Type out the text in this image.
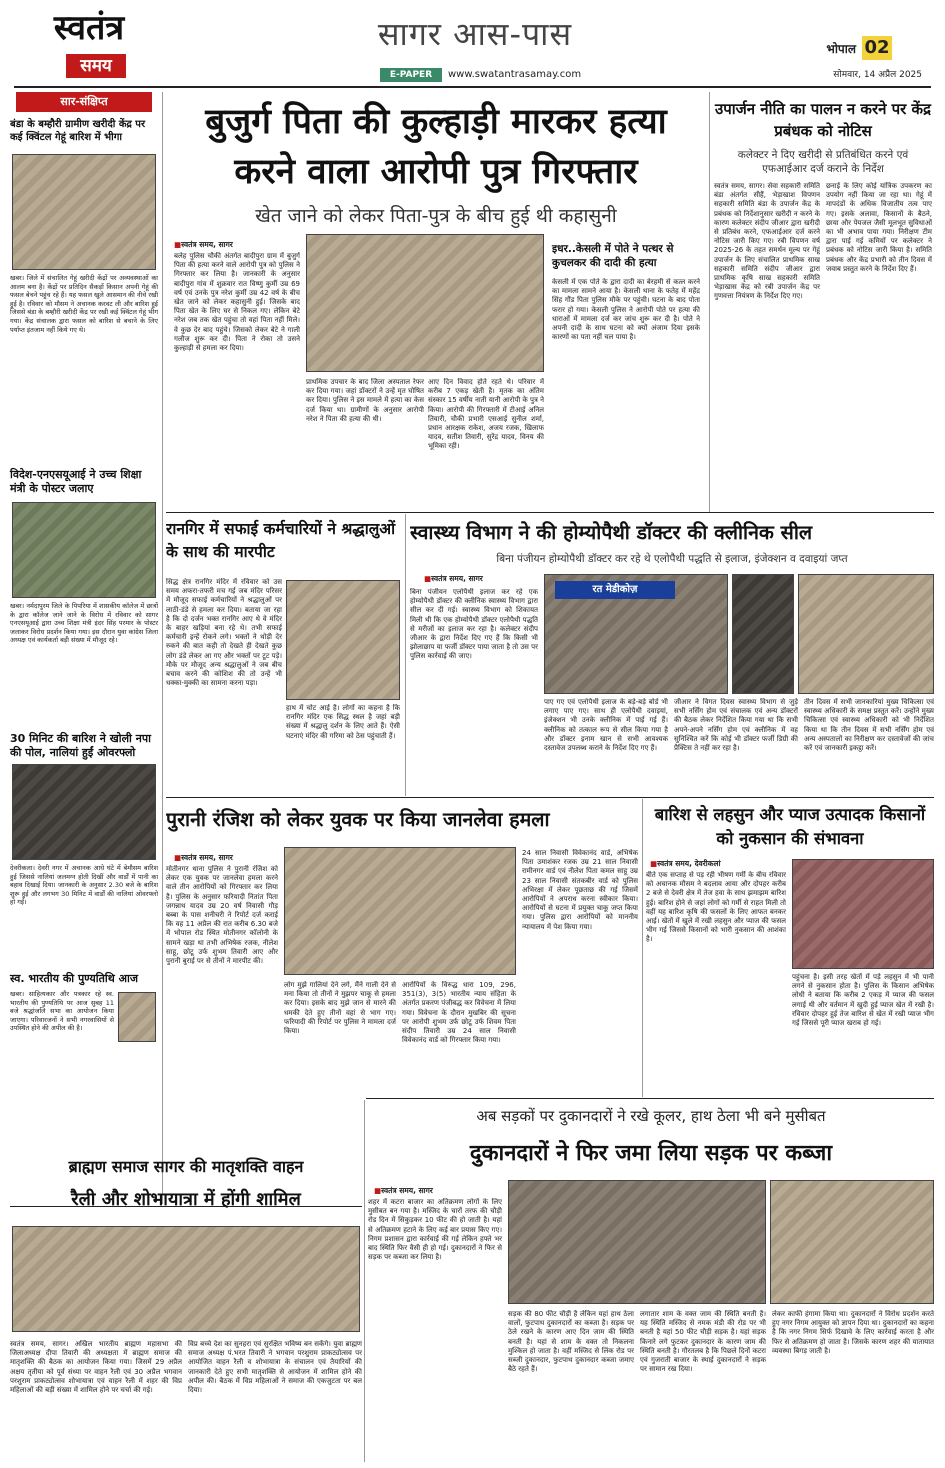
स्वतंत्र
समय
सागर आस-पास
E-PAPER	www.swatantrasamay.com
भोपाल 02
सोमवार, 14 अप्रैल 2025
सार-संक्षिप्त
बंडा के बम्हौरी ग्रामीण खरीदी केंद्र पर कई क्विंटल गेहूं बारिश में भीगा
खबर। जिले में संचालित गेहूं खरीदी केंद्रों पर अव्यवस्थाओं का आलम बना है। केंद्रों पर प्रतिदिन सैकड़ों किसान अपनी गेहूं की फसल बेचने पहुंच रहे हैं। यह फसल खुले आसमान की नीचे रखी हुई है। रविवार को मौसम ने अचानक करवट ली और बारिश हुई जिससे बंडा के बम्हौरी खरीदी केंद्र पर रखी कई क्विंटल गेहूं भीग गया। केंद्र संचालक द्वारा फसल को बारिश से बचाने के लिए पर्याप्त इंतजाम नहीं किये गए थे।
विदेश-एनएसयूआई ने उच्च शिक्षा मंत्री के पोस्टर जलाए
खबर। नर्मदापुरम जिले के पिपरिया में शासकीय कॉलेज में छात्रों के द्वारा कॉलेज जाने जाने के विरोध में रविवार को सागर एनएसयूआई द्वारा उच्च शिक्षा मंत्री इंदर सिंह परमार के पोस्टर जलाकर विरोध प्रदर्शन किया गया। इस दौरान युवा कांग्रेस जिला अध्यक्ष एवं कार्यकर्ता बड़ी संख्या में मौजूद रहे।
30 मिनिट की बारिश ने खोली नपा की पोल, नालियां हुईं ओवरफ्लो
देवरीकला। देवरी नगर में अचानक आधे घंटे में बेमौसम बारिश हुई जिससे नालियां जलमग्न होती दिखीं और वार्डों में पानी का बहाव दिखाई दिया। जानकारी के अनुसार 2.30 बजे के बारिश शुरू हुई और लगभग 30 मिनिट में वार्डों की नालियां ओवरफ्लो हो गईं।
स्व. भारतीय की पुण्यतिथि आज
खबर। साहित्यकार और पत्रकार रहे स्व. भारतीय की पुण्यतिथि पर आज सुबह 11 बजे श्रद्धांजलि सभा का आयोजन किया जाएगा। परिवारजनों ने सभी नगरवासियों से उपस्थित होने की अपील की है।
बुजुर्ग पिता की कुल्हाड़ी मारकर हत्या
करने वाला आरोपी पुत्र गिरफ्तार
खेत जाने को लेकर पिता-पुत्र के बीच हुई थी कहासुनी
■ स्वतंत्र समय, सागर
बलेह पुलिस चौकी अंतर्गत बादीपुरा ग्राम में बुजुर्ग पिता की हत्या करने वाले आरोपी पुत्र को पुलिस ने गिरफ्तार कर लिया है। जानकारी के अनुसार बादीपुरा गांव में शुक्रवार रात विष्णु कुर्मी उम्र 69 वर्ष एवं उनके पुत्र नरेश कुर्मी उम्र 42 वर्ष के बीच खेत जाने को लेकर कहासुनी हुई। जिसके बाद पिता खेत के लिए घर से निकल गए। लेकिन बेटे नरेश जब तक खेत पहुंचा तो वहां पिता नहीं मिले। वे कुछ देर बाद पहुंचे। जिसको लेकर बेटे ने गाली गलौज शुरू कर दी। पिता ने रोका तो उसने कुल्हाड़ी से हमला कर दिया।
प्राथमिक उपचार के बाद जिला अस्पताल रेफर कर दिया गया। जहां डॉक्टरों ने उन्हें मृत घोषित कर दिया। पुलिस ने इस मामले में हत्या का केस दर्ज किया था। ग्रामीणों के अनुसार आरोपी नरेश ने पिता की हत्या की थी।
आए दिन विवाद होते रहते थे। परिवार में करीब 7 एकड़ खेती है। मृतक का अंतिम संस्कार 15 वर्षीय नाती यानी आरोपी के पुत्र ने किया। आरोपी की गिरफ्तारी में टीआई अनिल तिवारी, चौकी प्रभारी एसआई सुनील शर्मा, प्रधान आरक्षक राकेश, अजय रजक, खिलाफ यादव, सतीश तिवारी, सुरेंद्र यादव, विनय की भूमिका रही।
इधर..केसली में पोते ने पत्थर से कुचलकर की दादी की हत्या
केसली में एक पोते के द्वारा दादी का बेरहमी से कत्ल करने का मामला सामने आया है। केसली थाना के फतेह में महेंद्र सिंह गौंड पिता पुलिस मौके पर पहुंची। घटना के बाद पोता फरार हो गया। केसली पुलिस ने आरोपी पोते पर हत्या की धाराओं में मामला दर्ज कर जांच शुरू कर दी है। पोते ने अपनी दादी के साथ घटना को क्यों अंजाम दिया इसके कारणों का पता नहीं चल पाया है।
उपार्जन नीति का पालन न करने पर केंद्र प्रबंधक को नोटिस
कलेक्टर ने दिए खरीदी से प्रतिबंधित करने एवं एफआईआर दर्ज कराने के निर्देश
स्वतंत्र समय, सागर। सेवा सहकारी समिति बंडा अंतर्गत सीहैं, भेड़ाखाश विपणन सहकारी समिति बंडा के उपार्जन केंद्र के प्रबंधक को निर्देशानुसार खरीदी न करने के कारण कलेक्टर संदीप जीआर द्वारा खरीदी से प्रतिबंध करने, एफआईआर दर्ज करने नोटिस जारी किए गए। रबी विपणन वर्ष 2025-26 के तहत समर्थन मूल्य पर गेहूं उपार्जन के लिए संचालित प्राथमिक साख सहकारी समिति संदीप जीआर द्वारा प्राथमिक कृषि साख सहकारी समिति भेड़ाखास केंद्र को रबी उपार्जन केंद्र पर गुणवत्ता नियंत्रण के निर्देश दिए गए।
छनाई के लिए कोई यांत्रिक उपकरण का उपयोग नहीं किया जा रहा था। गेहूं में मापदंडों के अधिक विजातीय तत्व पाए गए। इसके अलावा, किसानों के बैठने, छाया और पेयजल जैसी मूलभूत सुविधाओं का भी अभाव पाया गया। निरीक्षण टीम द्वारा पाई गई कमियों पर कलेक्टर ने प्रबंधक को नोटिस जारी किया है। समिति प्रबंधक और केंद्र प्रभारी को तीन दिवस में जवाब प्रस्तुत करने के निर्देश दिए हैं।
रानगिर में सफाई कर्मचारियों ने श्रद्धालुओं के साथ की मारपीट
सिद्ध क्षेत्र रानगिर मंदिर में रविवार को उस समय अफरा-तफरी मच गई जब मंदिर परिसर में मौजूद सफाई कर्मचारियों ने श्रद्धालुओं पर लाठी-डंडे से हमला कर दिया। बताया जा रहा है कि दो दर्जन भक्त रानगिर आए थे वे मंदिर के बाहर खड़ियां बना रहे थे। तभी सफाई कर्मचारी इन्हें रोकने लगे। भक्तों ने थोड़ी देर रुकने की बात कही तो देखते ही देखते कुछ लोग डंडे लेकर आ गए और भक्तों पर टूट पड़े। मौके पर मौजूद अन्य श्रद्धालुओं ने जब बीच बचाव करने की कोशिश की तो उन्हें भी धक्का-मुक्की का सामना करना पड़ा।
हाथ में चोट आई है। लोगों का कहना है कि रानगिर मंदिर एक सिद्ध स्थल है जहां बड़ी संख्या में श्रद्धालु दर्शन के लिए आते हैं। ऐसी घटनाएं मंदिर की गरिमा को ठेस पहुंचाती हैं।
स्वास्थ्य विभाग ने की होम्योपैथी डॉक्टर की क्लीनिक सील
बिना पंजीयन होम्योपैथी डॉक्टर कर रहे थे एलोपैथी पद्धति से इलाज, इंजेक्शन व दवाइयां जप्त
■ स्वतंत्र समय, सागर
बिना पंजीयन एलोपैथी इलाज कर रहे एक होम्योपैथी डॉक्टर की क्लीनिक स्वास्थ्य विभाग द्वारा सील कर दी गई। स्वास्थ्य विभाग को शिकायत मिली थी कि एक होम्योपैथी डॉक्टर एलोपैथी पद्धति से मरीजों का इलाज कर रहा है। कलेक्टर संदीप जीआर के द्वारा निर्देश दिए गए हैं कि किसी भी झोलाछाप या फर्जी डॉक्टर पाया जाता है तो उस पर पुलिस कार्रवाई की जाए।
रत मेडीकोज़
पाए गए एवं एलोपैथी इलाज के बड़े-बड़े बोर्ड भी लगाए पाए गए। साथ ही एलोपैथी दवाइयां, इंजेक्शन भी उनके क्लीनिक में पाई गई हैं। क्लीनिक को तत्काल रूप से सील किया गया है और डॉक्टर इनाम खान से सभी आवश्यक दस्तावेज उपलब्ध कराने के निर्देश दिए गए हैं।
जीआर ने विगत दिवस स्वास्थ्य विभाग से जुड़े सभी नर्सिंग होम एवं संचालक एवं अन्य डॉक्टरों की बैठक लेकर निर्देशित किया गया था कि सभी अपने-अपने नर्सिंग होम एवं क्लीनिक में वह सुनिश्चित करें कि कोई भी डॉक्टर फर्जी डिग्री की प्रैक्टिस ते नहीं कर रहा है।
तीन दिवस में सभी जानकारियां मुख्य चिकित्सा एवं स्वास्थ्य अधिकारी के समक्ष प्रस्तुत करें। उन्होंने मुख्य चिकित्सा एवं स्वास्थ्य अधिकारी को भी निर्देशित किया था कि तीन दिवस में सभी नर्सिंग होम एवं अन्य अस्पतालों का निरीक्षण कर दस्तावेजों की जांच करें एवं जानकारी इकट्ठा करें।
पुरानी रंजिश को लेकर युवक पर किया जानलेवा हमला
■ स्वतंत्र समय, सागर
मोतीनगर थाना पुलिस ने पुरानी रंजिश को लेकर एक युवक पर जानलेवा हमला करने वाले तीन आरोपियों को गिरफ्तार कर लिया है। पुलिस के अनुसार फरियादी नितांत पिता जगन्नाथ यादव उम्र 20 वर्ष निवासी गौड़ बब्बा के पास शनीचरी ने रिपोर्ट दर्ज कराई कि वह 11 अप्रैल की रात करीब 6.30 बजे में भोपाल रोड स्थित मोतीनगर कॉलोनी के सामने खड़ा था तभी अभिषेक रजक, नीलेश साहू, छोटू उर्फ शुभम तिवारी आए और पुरानी बुराई पर से तीनों ने मारपीट की।
लोग मुझे गालियां देने लगे, मैंने गाली देने से मना किया तो तीनों ने मुझपर चाकू से हमला कर दिया। इसके बाद मुझे जान से मारने की धमकी देते हुए तीनों वहां से भाग गए। फरियादी की रिपोर्ट पर पुलिस ने मामला दर्ज किया।
आरोपियों के विरुद्ध धारा 109, 296, 351(3), 3(5) भारतीय न्याय संहिता के अंतर्गत प्रकरण पंजीबद्ध कर विवेचना में लिया गया। विवेचना के दौरान मुखबिर की सूचना पर आरोपी शुभम उर्फ छोटू उर्फ शिवम पिता संदीप तिवारी उम्र 24 साल निवासी विवेकानंद वार्ड को गिरफ्तार किया गया।
24 साल निवासी विवेकानंद वार्ड, अभिषेक पिता उमाशंकर रजक उम्र 21 साल निवासी रामीनगर वार्ड एवं नीलेश पिता कमल साहू उम्र 23 साल निवासी संतकबीर वार्ड को पुलिस अभिरक्षा में लेकर पूछताछ की गई जिसमें आरोपियों ने अपराध करना स्वीकार किया। आरोपियों से घटना में प्रयुक्त चाकू जप्त किया गया। पुलिस द्वारा आरोपियों को माननीय न्यायालय में पेश किया गया।
बारिश से लहसुन और प्याज उत्पादक किसानों को नुकसान की संभावना
■ स्वतंत्र समय, देवरीकलां
बीते एक सप्ताह से पड़ रही भीषण गर्मी के बीच रविवार को अचानक मौसम ने बदलाव आया और दोपहर करीब 2 बजे से देवरी क्षेत्र में तेज हवा के साथ झमाझम बारिश हुई। बारिश होने से जहां लोगों को गर्मी से राहत मिली तो वहीं यह बारिश कृषि की फसलों के लिए आफत बनकर आई। खेतों में खुले में रखी लहसुन और प्याज की फसल भीग गई जिससे किसानों को भारी नुकसान की आशंका है।
पहुंचना है। इसी तरह खेतों में पड़े लहसुन में भी पानी लगने से नुकसान होता है। पुलिस के किसान अभिषेक लोधी ने बताया कि करीब 2 एकड़ में प्याज की फसल लगाई थी और वर्तमान में खुदी हुई प्याज खेत में रखी है। रविवार दोपहर हुई तेज बारिश से खेत में रखी प्याज भीग गई जिससे पूरी प्याज खराब हो गई।
ब्राह्मण समाज सागर की मातृशक्ति वाहन
रैली और शोभायात्रा में होंगी शामिल
स्वतंत्र समय, सागर। अखिल भारतीय ब्राह्मण महासभा की जिलाअध्यक्ष दीपा तिवारी की अध्यक्षता में ब्राह्मण समाज की मातृशक्ति की बैठक का आयोजन किया गया। जिसमें 29 अप्रैल अक्षय तृतीया को पूर्व संध्या पर वाहन रैली एवं 30 अप्रैल भगवान परशुराम प्राकट्योत्सव शोभायात्रा एवं वाहन रैली में शहर की विप्र महिलाओं की बड़ी संख्या में शामिल होने पर चर्चा की गई।
विप्र बच्चे देश का सुनहरा एवं सुरक्षित भविष्य बन सकेंगे। युवा ब्राह्मण समाज अध्यक्ष पं.भरत तिवारी ने भगवान परशुराम प्राकट्योत्सव पर आयोजित वाहन रैली व शोभायात्रा के संचालन एवं तैयारियों की जानकारी देते हुए सभी मातृशक्ति से आयोजन में शामिल होने की अपील की। बैठक में विप्र महिलाओं ने समाज की एकजुटता पर बल दिया।
अब सड़कों पर दुकानदारों ने रखे कूलर, हाथ ठेला भी बने मुसीबत
दुकानदारों ने फिर जमा लिया सड़क पर कब्जा
■ स्वतंत्र समय, सागर
शहर में कटरा बाजार का अतिक्रमण लोगों के लिए मुसीबत बन गया है। मस्जिद के चारों तरफ की चौड़ी रोड दिन में सिकुड़कर 10 फीट की हो जाती है। यहां से अतिक्रमण हटाने के लिए कई बार प्रयास किए गए। निगम प्रशासन द्वारा कार्रवाई की गई लेकिन हफ्ते भर बाद स्थिति फिर वैसी ही हो गई। दुकानदारों ने फिर से सड़क पर कब्जा कर लिया है।
सड़क की 80 फीट चौड़ी है लेकिन यहां हाथ ठेला वालों, फुटपाथ दुकानदारों का कब्जा है। सड़क पर ठेले रखने के कारण आए दिन जाम की स्थिति बनती है। यहां से शाम के वक्त तो निकलना मुश्किल हो जाता है। वहीं मस्जिद से लिंक रोड पर सब्जी दुकानदार, फुटपाथ दुकानदार कब्जा जमाए बैठे रहते हैं।
लगातार शाम के वक्त जाम की स्थिति बनती है। यह स्थिति मस्जिद से नमक मंडी की रोड पर भी बनती है यहां 50 फीट चौड़ी सड़क है। यहां सड़क किनारे लगे फुटकर दुकानदार के कारण जाम की स्थिति बनती है। गौरतलब है कि पिछले दिनों कटरा एवं गुजराती बाजार के स्थाई दुकानदारों ने सड़क पर सामान रख दिया।
लेकर काफी हंगामा किया था। दुकानदारों ने विरोध प्रदर्शन करते हुए नगर निगम आयुक्त को ज्ञापन दिया था। दुकानदारों का कहना है कि नगर निगम सिर्फ दिखावे के लिए कार्रवाई करता है और फिर से अतिक्रमण हो जाता है। जिसके कारण शहर की यातायात व्यवस्था बिगड़ जाती है।
